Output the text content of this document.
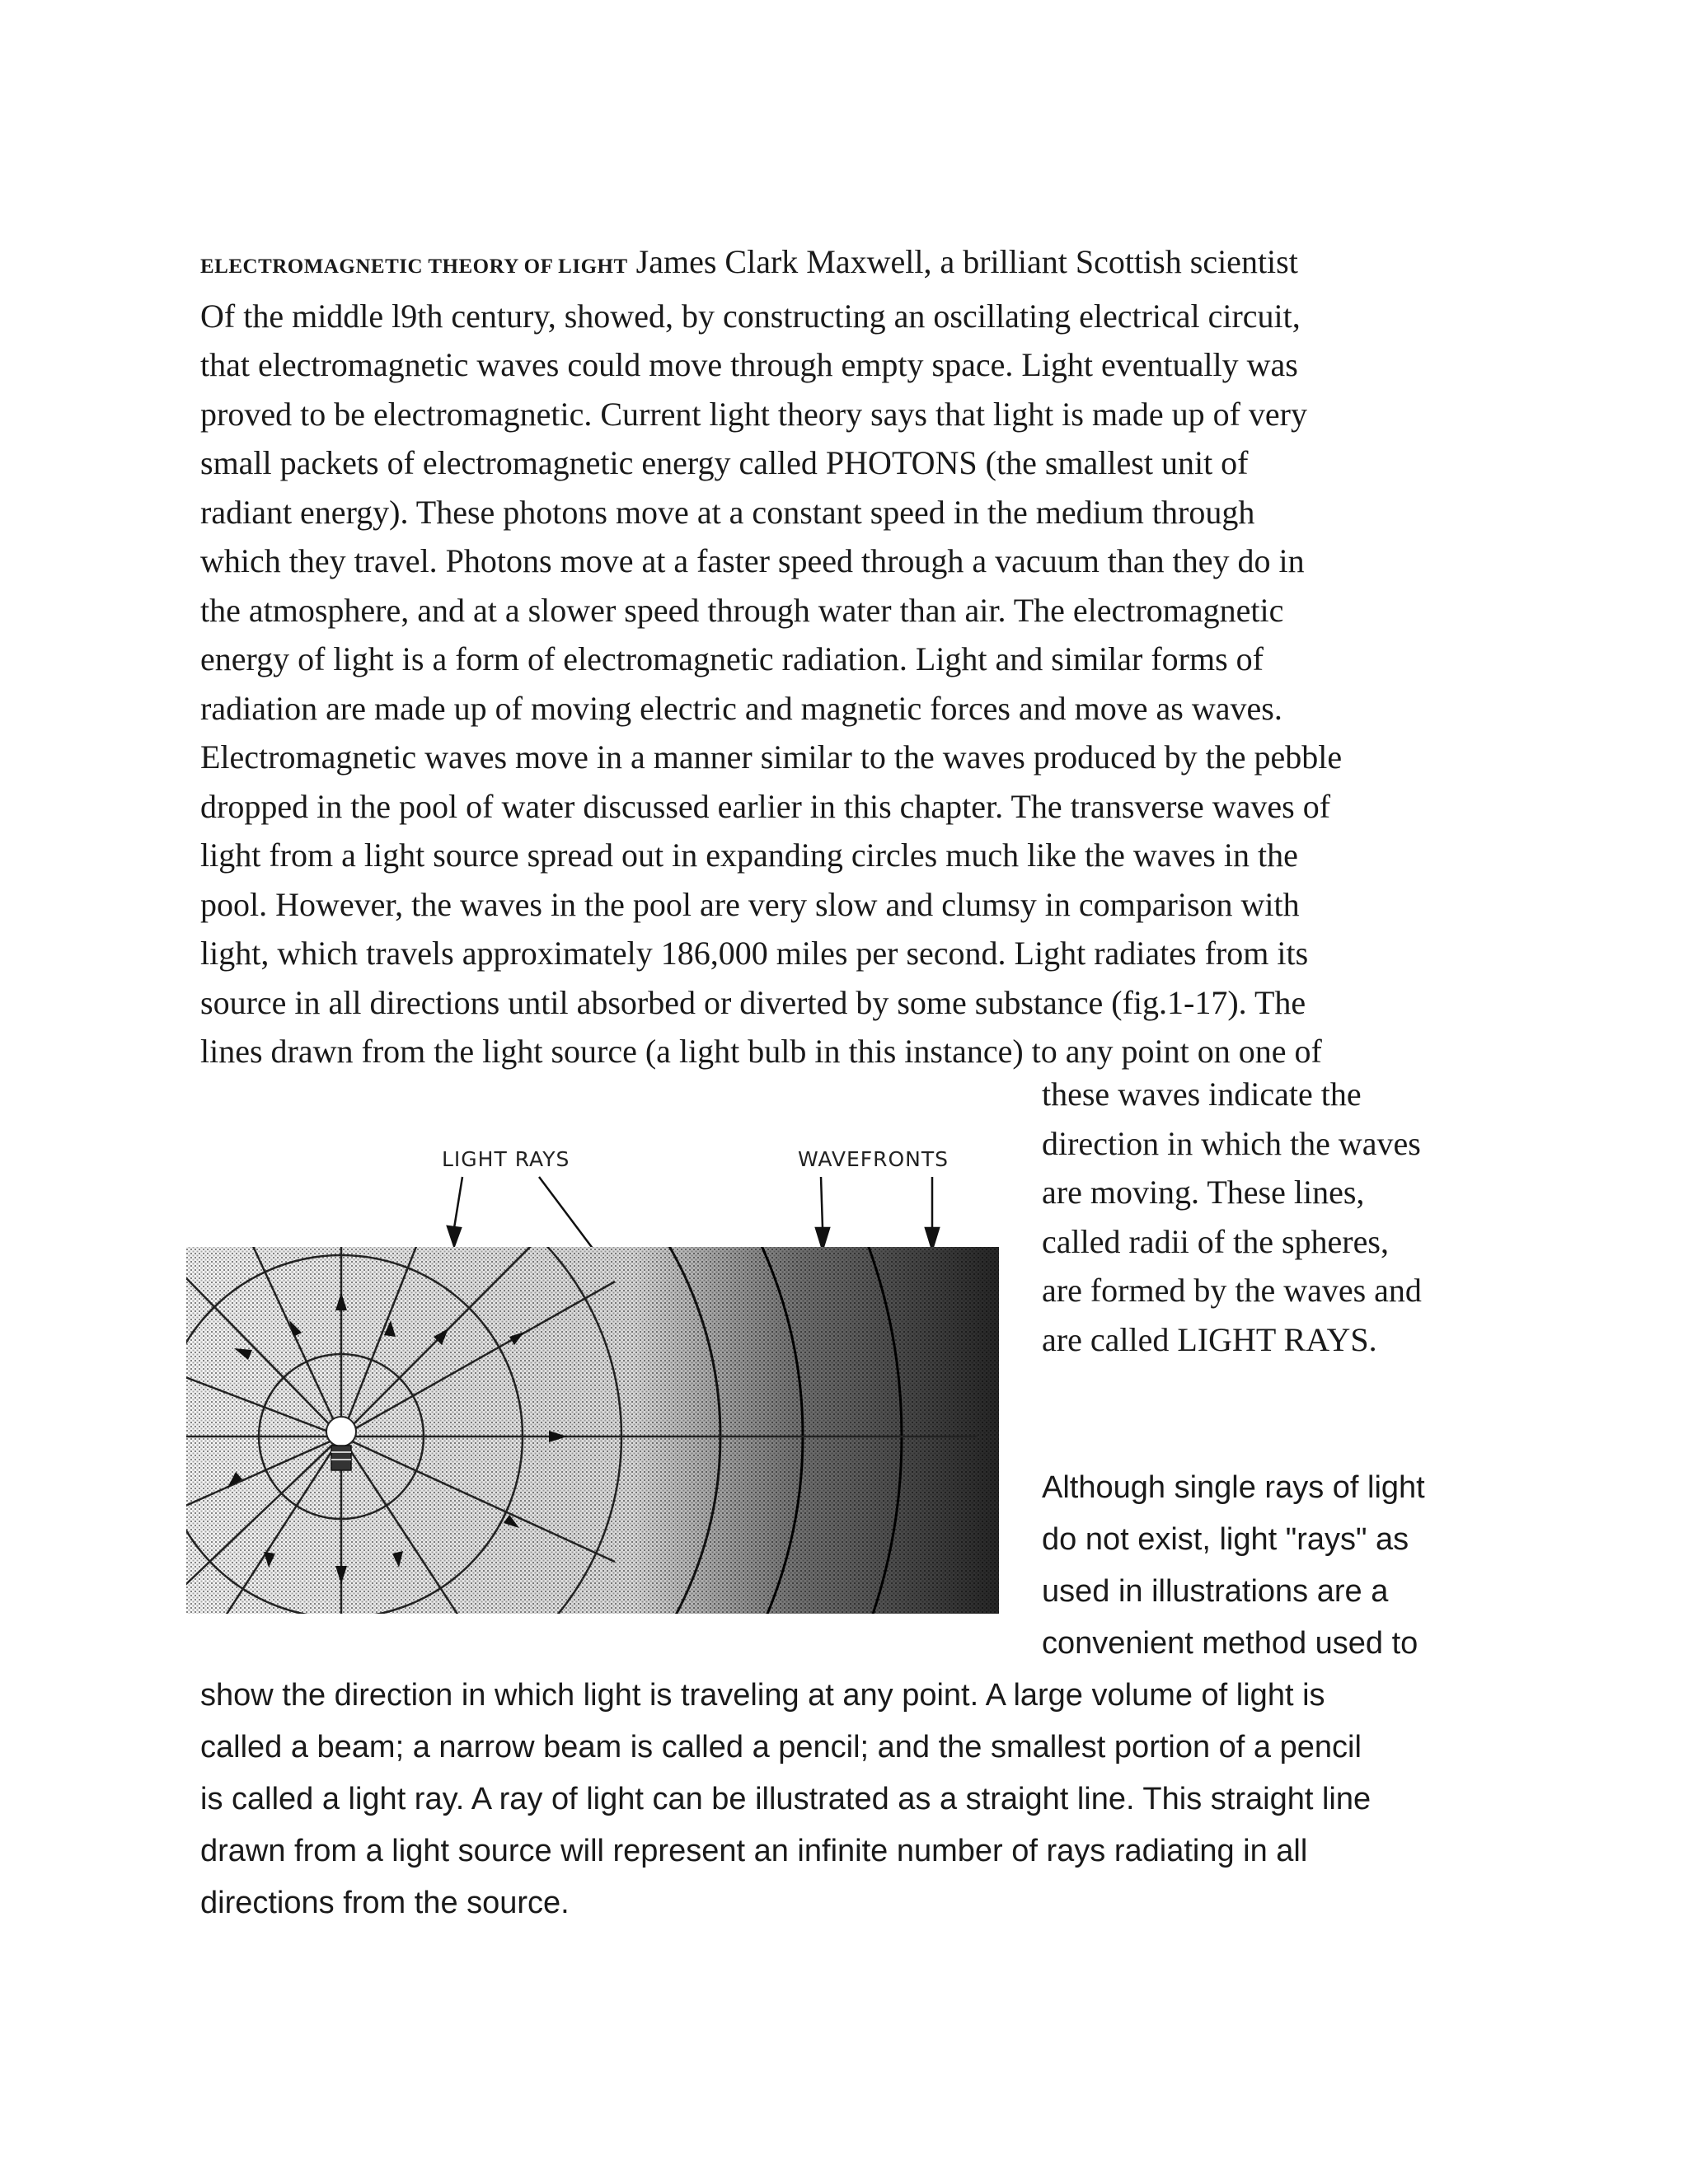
ELECTROMAGNETIC THEORY OF LIGHT James Clark Maxwell, a brilliant Scottish scientist
Of the middle l9th century, showed, by constructing an oscillating electrical circuit,
that electromagnetic waves could move through empty space. Light eventually was
proved to be electromagnetic. Current light theory says that light is made up of very
small packets of electromagnetic energy called PHOTONS (the smallest unit of
radiant energy). These photons move at a constant speed in the medium through
which they travel. Photons move at a faster speed through a vacuum than they do in
the atmosphere, and at a slower speed through water than air. The electromagnetic
energy of light is a form of electromagnetic radiation. Light and similar forms of
radiation are made up of moving electric and magnetic forces and move as waves.
Electromagnetic waves move in a manner similar to the waves produced by the pebble
dropped in the pool of water discussed earlier in this chapter. The transverse waves of
light from a light source spread out in expanding circles much like the waves in the
pool. However, the waves in the pool are very slow and clumsy in comparison with
light, which travels approximately 186,000 miles per second. Light radiates from its
source in all directions until absorbed or diverted by some substance (fig.1-17). The
lines drawn from the light source (a light bulb in this instance) to any point on one of
these waves indicate the
direction in which the waves
are moving. These lines,
called radii of the spheres,
are formed by the waves and
are called LIGHT RAYS.
LIGHT RAYS	WAVEFRONTS
Although single rays of light
do not exist, light "rays" as
used in illustrations are a
convenient method used to
show the direction in which light is traveling at any point. A large volume of light is
called a beam; a narrow beam is called a pencil; and the smallest portion of a pencil
is called a light ray. A ray of light can be illustrated as a straight line. This straight line
drawn from a light source will represent an infinite number of rays radiating in all
directions from the source.
